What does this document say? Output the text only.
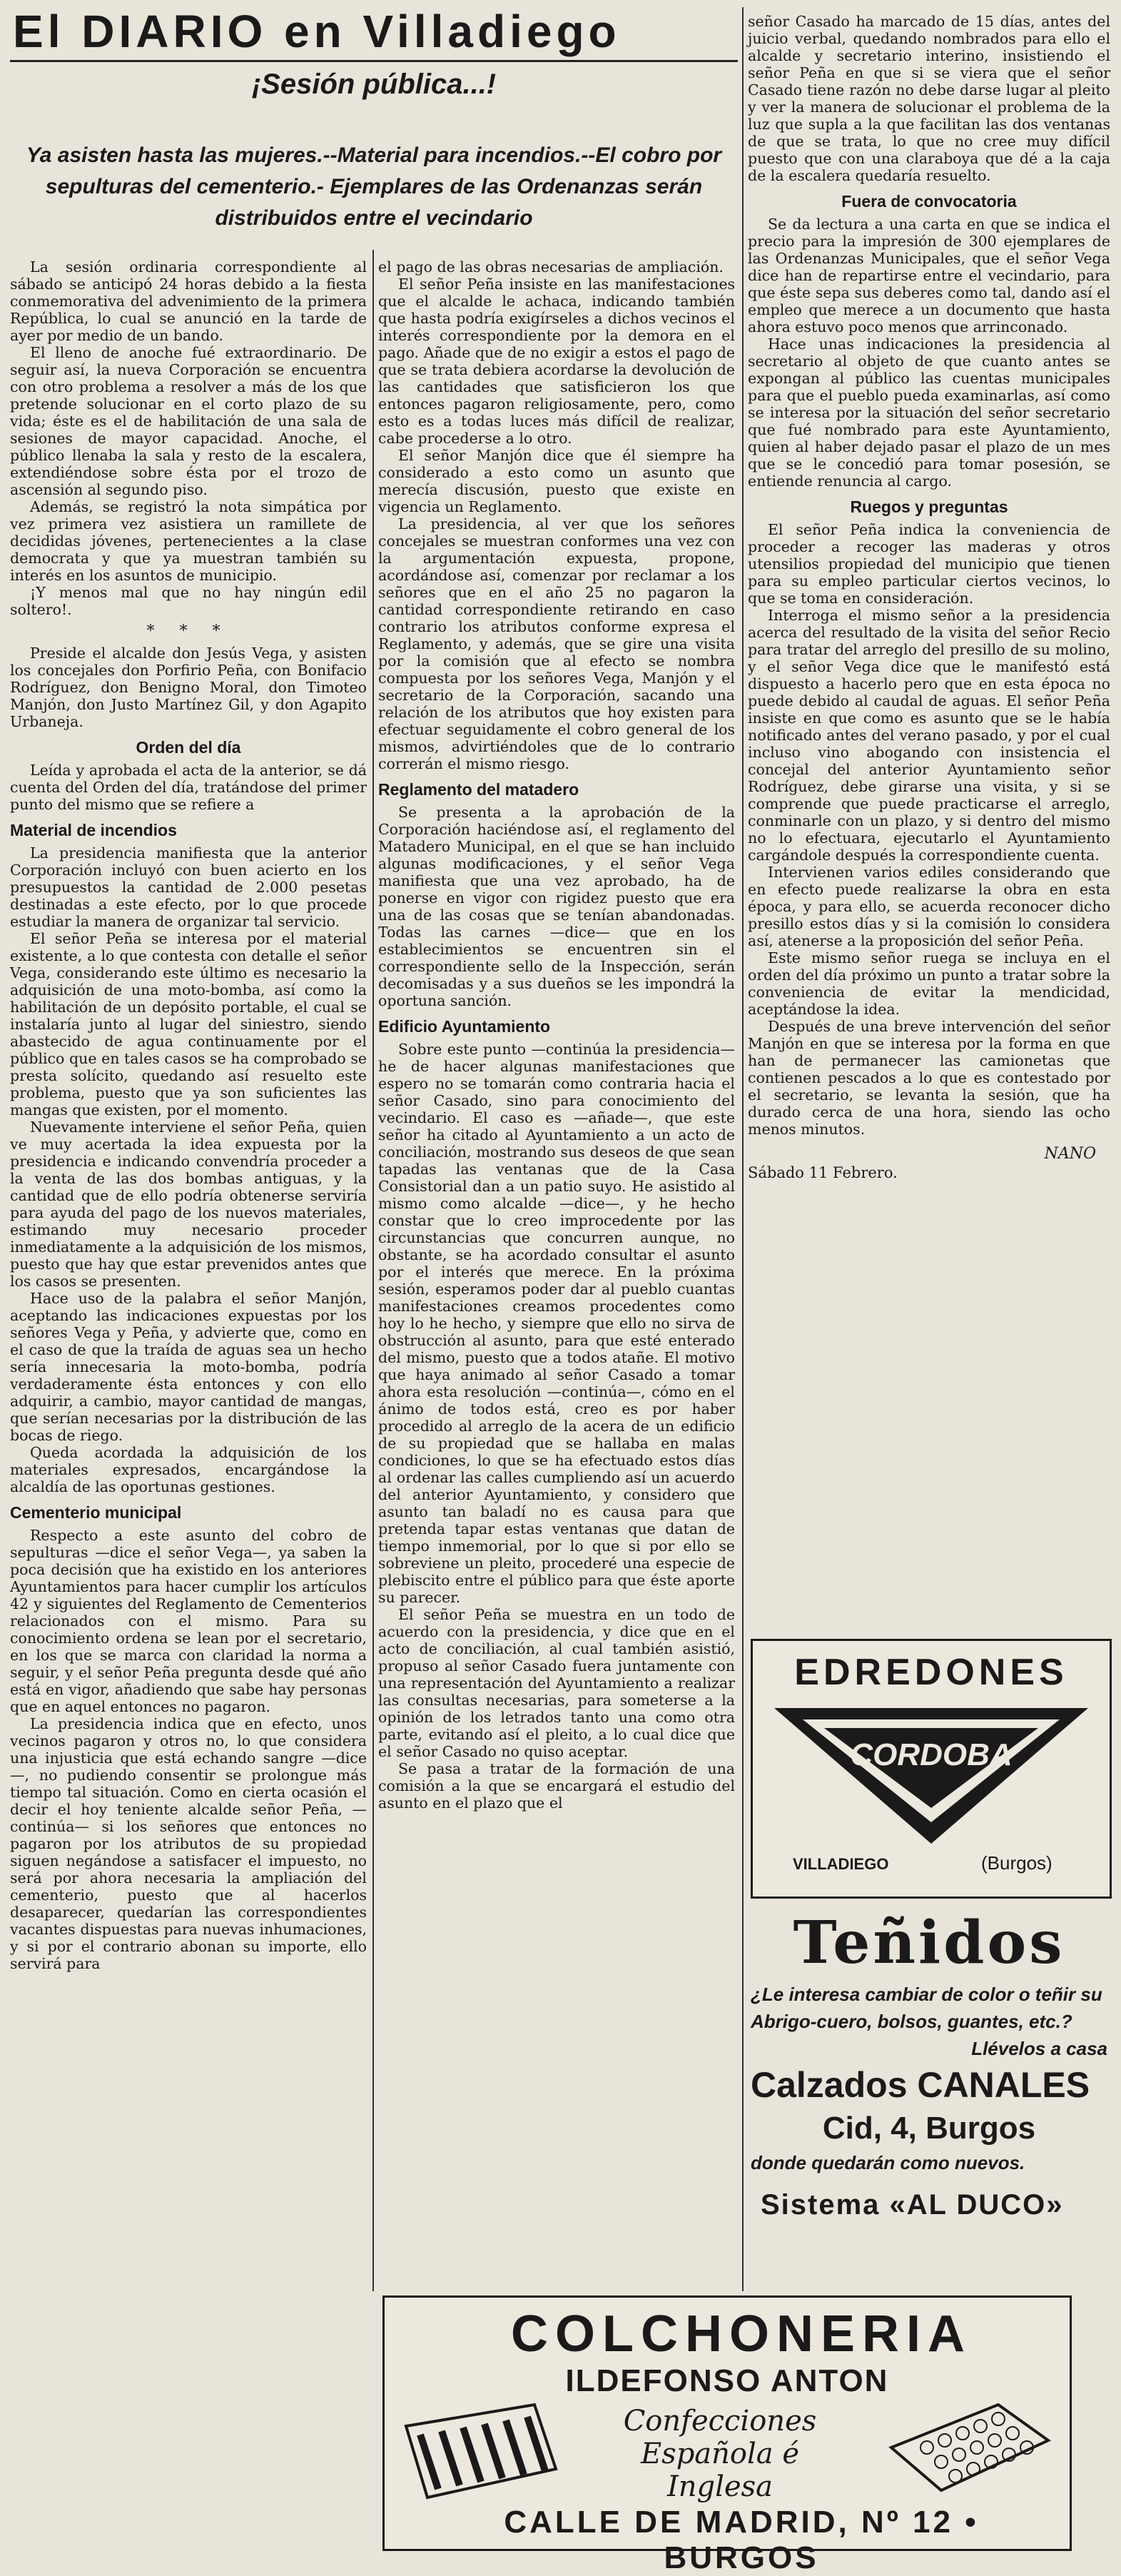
El DIARIO en Villadiego
¡Sesión pública...!

Ya asisten hasta las mujeres.--Material para incendios.--El cobro por sepulturas del cementerio.- Ejemplares de las Ordenanzas serán distribuidos entre el vecindario

La sesión ordinaria correspondiente al sábado se anticipó 24 horas debido a la fiesta conmemorativa del advenimiento de la primera República, lo cual se anunció en la tarde de ayer por medio de un bando.

El lleno de anoche fué extraordinario. De seguir así, la nueva Corporación se encuentra con otro problema a resolver a más de los que pretende solucionar en el corto plazo de su vida; éste es el de habilitación de una sala de sesiones de mayor capacidad. Anoche, el público llenaba la sala y resto de la escalera, extendiéndose sobre ésta por el trozo de ascensión al segundo piso.

Además, se registró la nota simpática por vez primera vez asistiera un ramillete de decididas jóvenes, pertenecientes a la clase democrata y que ya muestran también su interés en los asuntos de municipio.

¡Y menos mal que no hay ningún edil soltero!.

* * *

Preside el alcalde don Jesús Vega, y asisten los concejales don Porfirio Peña, con Bonifacio Rodríguez, don Benigno Moral, don Timoteo Manjón, don Justo Martínez Gil, y don Agapito Urbaneja.

Orden del día

Leída y aprobada el acta de la anterior, se dá cuenta del Orden del día, tratándose del primer punto del mismo que se refiere a

Material de incendios

La presidencia manifiesta que la anterior Corporación incluyó con buen acierto en los presupuestos la cantidad de 2.000 pesetas destinadas a este efecto, por lo que procede estudiar la manera de organizar tal servicio.

El señor Peña se interesa por el material existente, a lo que contesta con detalle el señor Vega, considerando este último es necesario la adquisición de una moto-bomba, así como la habilitación de un depósito portable, el cual se instalaría junto al lugar del siniestro, siendo abastecido de agua continuamente por el público que en tales casos se ha comprobado se presta solícito, quedando así resuelto este problema, puesto que ya son suficientes las mangas que existen, por el momento.

Nuevamente interviene el señor Peña, quien ve muy acertada la idea expuesta por la presidencia e indicando convendría proceder a la venta de las dos bombas antiguas, y la cantidad que de ello podría obtenerse serviría para ayuda del pago de los nuevos materiales, estimando muy necesario proceder inmediatamente a la adquisición de los mismos, puesto que hay que estar prevenidos antes que los casos se presenten.

Hace uso de la palabra el señor Manjón, aceptando las indicaciones expuestas por los señores Vega y Peña, y advierte que, como en el caso de que la traída de aguas sea un hecho sería innecesaria la moto-bomba, podría verdaderamente ésta entonces y con ello adquirir, a cambio, mayor cantidad de mangas, que serían necesarias por la distribución de las bocas de riego.

Queda acordada la adquisición de los materiales expresados, encargándose la alcaldía de las oportunas gestiones.

Cementerio municipal

Respecto a este asunto del cobro de sepulturas —dice el señor Vega—, ya saben la poca decisión que ha existido en los anteriores Ayuntamientos para hacer cumplir los artículos 42 y siguientes del Reglamento de Cementerios relacionados con el mismo. Para su conocimiento ordena se lean por el secretario, en los que se marca con claridad la norma a seguir, y el señor Peña pregunta desde qué año está en vigor, añadiendo que sabe hay personas que en aquel entonces no pagaron.

La presidencia indica que en efecto, unos vecinos pagaron y otros no, lo que considera una injusticia que está echando sangre —dice—, no pudiendo consentir se prolongue más tiempo tal situación. Como en cierta ocasión el decir el hoy teniente alcalde señor Peña, —continúa— si los señores que entonces no pagaron por los atributos de su propiedad siguen negándose a satisfacer el impuesto, no será por ahora necesaria la ampliación del cementerio, puesto que al hacerlos desaparecer, quedarían las correspondientes vacantes dispuestas para nuevas inhumaciones, y si por el contrario abonan su importe, ello servirá para

el pago de las obras necesarias de ampliación.

El señor Peña insiste en las manifestaciones que el alcalde le achaca, indicando también que hasta podría exigírseles a dichos vecinos el interés correspondiente por la demora en el pago. Añade que de no exigir a estos el pago de que se trata debiera acordarse la devolución de las cantidades que satisficieron los que entonces pagaron religiosamente, pero, como esto es a todas luces más difícil de realizar, cabe procederse a lo otro.

El señor Manjón dice que él siempre ha considerado a esto como un asunto que merecía discusión, puesto que existe en vigencia un Reglamento.

La presidencia, al ver que los señores concejales se muestran conformes una vez con la argumentación expuesta, propone, acordándose así, comenzar por reclamar a los señores que en el año 25 no pagaron la cantidad correspondiente retirando en caso contrario los atributos conforme expresa el Reglamento, y además, que se gire una visita por la comisión que al efecto se nombra compuesta por los señores Vega, Manjón y el secretario de la Corporación, sacando una relación de los atributos que hoy existen para efectuar seguidamente el cobro general de los mismos, advirtiéndoles que de lo contrario correrán el mismo riesgo.

Reglamento del matadero

Se presenta a la aprobación de la Corporación haciéndose así, el reglamento del Matadero Municipal, en el que se han incluido algunas modificaciones, y el señor Vega manifiesta que una vez aprobado, ha de ponerse en vigor con rigidez puesto que era una de las cosas que se tenían abandonadas. Todas las carnes —dice— que en los establecimientos se encuentren sin el correspondiente sello de la Inspección, serán decomisadas y a sus dueños se les impondrá la oportuna sanción.

Edificio Ayuntamiento

Sobre este punto —continúa la presidencia— he de hacer algunas manifestaciones que espero no se tomarán como contraria hacia el señor Casado, sino para conocimiento del vecindario. El caso es —añade—, que este señor ha citado al Ayuntamiento a un acto de conciliación, mostrando sus deseos de que sean tapadas las ventanas que de la Casa Consistorial dan a un patio suyo. He asistido al mismo como alcalde —dice—, y he hecho constar que lo creo improcedente por las circunstancias que concurren aunque, no obstante, se ha acordado consultar el asunto por el interés que merece. En la próxima sesión, esperamos poder dar al pueblo cuantas manifestaciones creamos procedentes como hoy lo he hecho, y siempre que ello no sirva de obstrucción al asunto, para que esté enterado del mismo, puesto que a todos atañe. El motivo que haya animado al señor Casado a tomar ahora esta resolución —continúa—, cómo en el ánimo de todos está, creo es por haber procedido al arreglo de la acera de un edificio de su propiedad que se hallaba en malas condiciones, lo que se ha efectuado estos días al ordenar las calles cumpliendo así un acuerdo del anterior Ayuntamiento, y considero que asunto tan baladí no es causa para que pretenda tapar estas ventanas que datan de tiempo inmemorial, por lo que si por ello se sobreviene un pleito, procederé una especie de plebiscito entre el público para que éste aporte su parecer.

El señor Peña se muestra en un todo de acuerdo con la presidencia, y dice que en el acto de conciliación, al cual también asistió, propuso al señor Casado fuera juntamente con una representación del Ayuntamiento a realizar las consultas necesarias, para someterse a la opinión de los letrados tanto una como otra parte, evitando así el pleito, a lo cual dice que el señor Casado no quiso aceptar.

Se pasa a tratar de la formación de una comisión a la que se encargará el estudio del asunto en el plazo que el

señor Casado ha marcado de 15 días, antes del juicio verbal, quedando nombrados para ello el alcalde y secretario interino, insistiendo el señor Peña en que si se viera que el señor Casado tiene razón no debe darse lugar al pleito y ver la manera de solucionar el problema de la luz que supla a la que facilitan las dos ventanas de que se trata, lo que no cree muy difícil puesto que con una claraboya que dé a la caja de la escalera quedaría resuelto.

Fuera de convocatoria

Se da lectura a una carta en que se indica el precio para la impresión de 300 ejemplares de las Ordenanzas Municipales, que el señor Vega dice han de repartirse entre el vecindario, para que éste sepa sus deberes como tal, dando así el empleo que merece a un documento que hasta ahora estuvo poco menos que arrinconado.

Hace unas indicaciones la presidencia al secretario al objeto de que cuanto antes se expongan al público las cuentas municipales para que el pueblo pueda examinarlas, así como se interesa por la situación del señor secretario que fué nombrado para este Ayuntamiento, quien al haber dejado pasar el plazo de un mes que se le concedió para tomar posesión, se entiende renuncia al cargo.

Ruegos y preguntas

El señor Peña indica la conveniencia de proceder a recoger las maderas y otros utensilios propiedad del municipio que tienen para su empleo particular ciertos vecinos, lo que se toma en consideración.

Interroga el mismo señor a la presidencia acerca del resultado de la visita del señor Recio para tratar del arreglo del presillo de su molino, y el señor Vega dice que le manifestó está dispuesto a hacerlo pero que en esta época no puede debido al caudal de aguas. El señor Peña insiste en que como es asunto que se le había notificado antes del verano pasado, y por el cual incluso vino abogando con insistencia el concejal del anterior Ayuntamiento señor Rodríguez, debe girarse una visita, y si se comprende que puede practicarse el arreglo, conminarle con un plazo, y si dentro del mismo no lo efectuara, ejecutarlo el Ayuntamiento cargándole después la correspondiente cuenta.

Intervienen varios ediles considerando que en efecto puede realizarse la obra en esta época, y para ello, se acuerda reconocer dicho presillo estos días y si la comisión lo considera así, atenerse a la proposición del señor Peña.

Este mismo señor ruega se incluya en el orden del día próximo un punto a tratar sobre la conveniencia de evitar la mendicidad, aceptándose la idea.

Después de una breve intervención del señor Manjón en que se interesa por la forma en que han de permanecer las camionetas que contienen pescados a lo que es contestado por el secretario, se levanta la sesión, que ha durado cerca de una hora, siendo las ocho menos minutos.

NANO
Sábado 11 Febrero.
EDREDONES
CORDOBA
VILLADIEGO	(Burgos)
Teñidos
¿Le interesa cambiar de color o teñir su
Abrigo-cuero, bolsos, guantes, etc.?
Llévelos a casa
Calzados CANALES
Cid, 4, Burgos
donde quedarán como nuevos.
Sistema «AL DUCO»
COLCHONERIA
ILDEFONSO ANTON
Confecciones
Española é
Inglesa
CALLE DE MADRID, Nº 12 • BURGOS
